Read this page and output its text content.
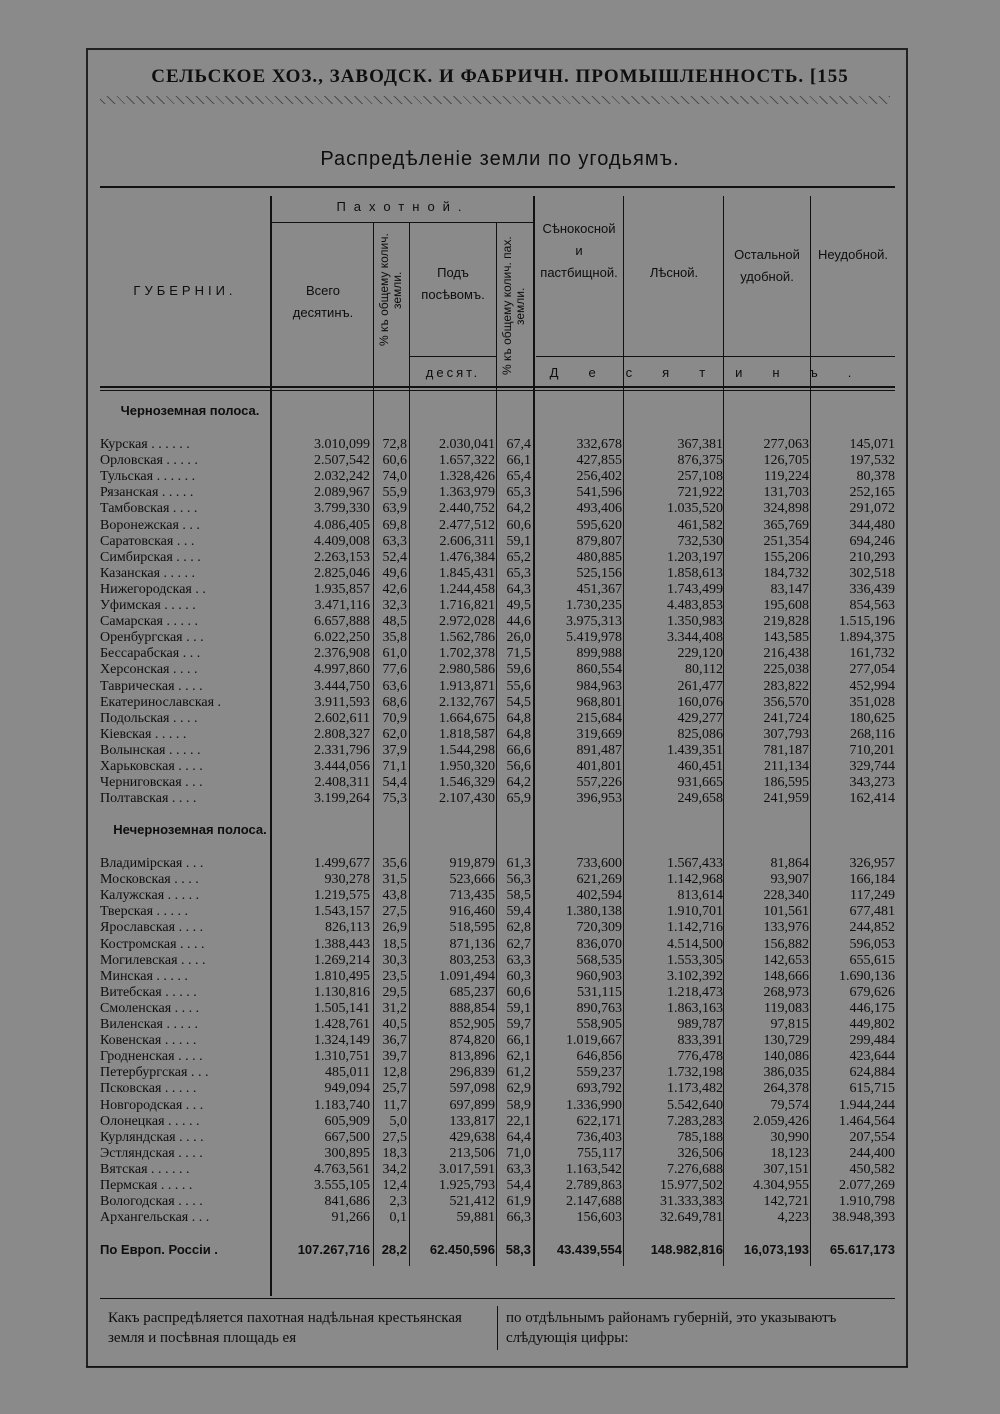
СЕЛЬСКОЕ ХОЗ., ЗАВОДСК. И ФАБРИЧН. ПРОМЫШЛЕННОСТЬ. [155
Распредѣленіе земли по угодьямъ.
ГУБЕРНІИ.
Пахотной.
Всего десятинъ.	% къ общему колич. земли.	Подъ посѣвомъ.	% къ общему колич. пах. земли.
десят.
Сѣнокосной и пастбищной.	Лѣсной.
Остальной удобной.
Неудобной.
Десятинъ.
Черноземная полоса.
Нечерноземная полоса.
Курская . . . . . .	3.010,099 72,8 2.030,041 67,4	332,678	367,381	277,063	145,071
Орловская . . . . .	2.507,542 60,6 1.657,322 66,1	427,855	876,375	126,705	197,532
Тульская . . . . . .	2.032,242 74,0 1.328,426 65,4	256,402	257,108	119,224	80,378
Рязанская . . . . .	2.089,967 55,9 1.363,979 65,3	541,596	721,922	131,703	252,165
Тамбовская . . . .	3.799,330 63,9 2.440,752 64,2	493,406	1.035,520	324,898	291,072
Воронежская . . .	4.086,405 69,8 2.477,512 60,6	595,620	461,582	365,769	344,480
Саратовская . . .	4.409,008 63,3 2.606,311 59,1	879,807	732,530	251,354	694,246
Симбирская . . . .	2.263,153 52,4 1.476,384 65,2	480,885	1.203,197	155,206	210,293
Казанская . . . . .	2.825,046 49,6 1.845,431 65,3	525,156	1.858,613	184,732	302,518
Нижегородская . .	1.935,857 42,6 1.244,458 64,3	451,367	1.743,499	83,147	336,439
Уфимская . . . . .	3.471,116 32,3 1.716,821 49,5	1.730,235	4.483,853	195,608	854,563
Самарская . . . . .	6.657,888 48,5 2.972,028 44,6	3.975,313	1.350,983	219,828 1.515,196
Оренбургская . . .	6.022,250 35,8 1.562,786 26,0	5.419,978	3.344,408	143,585 1.894,375
Бессарабская . . .	2.376,908 61,0 1.702,378 71,5	899,988	229,120	216,438	161,732
Херсонская . . . .	4.997,860 77,6 2.980,586 59,6	860,554	80,112	225,038	277,054
Таврическая . . . .	3.444,750 63,6 1.913,871 55,6	984,963	261,477	283,822	452,994
Екатеринославская .	3.911,593 68,6 2.132,767 54,5	968,801	160,076	356,570	351,028
Подольская . . . .	2.602,611 70,9 1.664,675 64,8	215,684	429,277	241,724	180,625
Кіевская . . . . .	2.808,327 62,0 1.818,587 64,8	319,669	825,086	307,793	268,116
Волынская . . . . .	2.331,796 37,9 1.544,298 66,6	891,487	1.439,351	781,187	710,201
Харьковская . . . .	3.444,056 71,1 1.950,320 56,6	401,801	460,451	211,134	329,744
Черниговская . . .	2.408,311 54,4 1.546,329 64,2	557,226	931,665	186,595	343,273
Полтавская . . . .	3.199,264 75,3 2.107,430 65,9	396,953	249,658	241,959	162,414
Владимірская . . .	1.499,677 35,6	919,879 61,3	733,600	1.567,433	81,864	326,957
Московская . . . .	930,278 31,5	523,666 56,3	621,269	1.142,968	93,907	166,184
Калужская . . . . .	1.219,575 43,8	713,435 58,5	402,594	813,614	228,340	117,249
Тверская . . . . .	1.543,157 27,5	916,460 59,4	1.380,138	1.910,701	101,561	677,481
Ярославская . . . .	826,113 26,9	518,595 62,8	720,309	1.142,716	133,976	244,852
Костромская . . . .	1.388,443 18,5	871,136 62,7	836,070	4.514,500	156,882	596,053
Могилевская . . . .	1.269,214 30,3	803,253 63,3	568,535	1.553,305	142,653	655,615
Минская . . . . .	1.810,495 23,5 1.091,494 60,3	960,903	3.102,392	148,666 1.690,136
Витебская . . . . .	1.130,816 29,5	685,237 60,6	531,115	1.218,473	268,973	679,626
Смоленская . . . .	1.505,141 31,2	888,854 59,1	890,763	1.863,163	119,083	446,175
Виленская . . . . .	1.428,761 40,5	852,905 59,7	558,905	989,787	97,815	449,802
Ковенская . . . . .	1.324,149 36,7	874,820 66,1	1.019,667	833,391	130,729	299,484
Гродненская . . . .	1.310,751 39,7	813,896 62,1	646,856	776,478	140,086	423,644
Петербургская . . .	485,011 12,8	296,839 61,2	559,237	1.732,198	386,035	624,884
Псковская . . . . .	949,094 25,7	597,098 62,9	693,792	1.173,482	264,378	615,715
Новгородская . . .	1.183,740 11,7	697,899 58,9	1.336,990	5.542,640	79,574 1.944,244
Олонецкая . . . . .	605,909 5,0	133,817 22,1	622,171	7.283,283 2.059,426 1.464,564
Курляндская . . . .	667,500 27,5	429,638 64,4	736,403	785,188	30,990	207,554
Эстляндская . . . .	300,895 18,3	213,506 71,0	755,117	326,506	18,123	244,400
Вятская . . . . . .	4.763,561 34,2 3.017,591 63,3	1.163,542	7.276,688	307,151	450,582
Пермская . . . . .	3.555,105 12,4 1.925,793 54,4	2.789,863	15.977,502 4.304,955 2.077,269
Вологодская . . . .	841,686 2,3	521,412 61,9	2.147,688	31.333,383	142,721 1.910,798
Архангельская . . .	91,266 0,1	59,881 66,3	156,603	32.649,781	4,223 38.948,393
По Европ. Россіи .	107.267,716 28,2 62.450,596 58,3 43.439,554 148.982,816 16,073,193 65.617,173
Какъ распредѣляется пахотная надѣльная крестьянская земля и посѣвная площадь ея
по отдѣльнымъ районамъ губерній, это указываютъ слѣдующія цифры:
